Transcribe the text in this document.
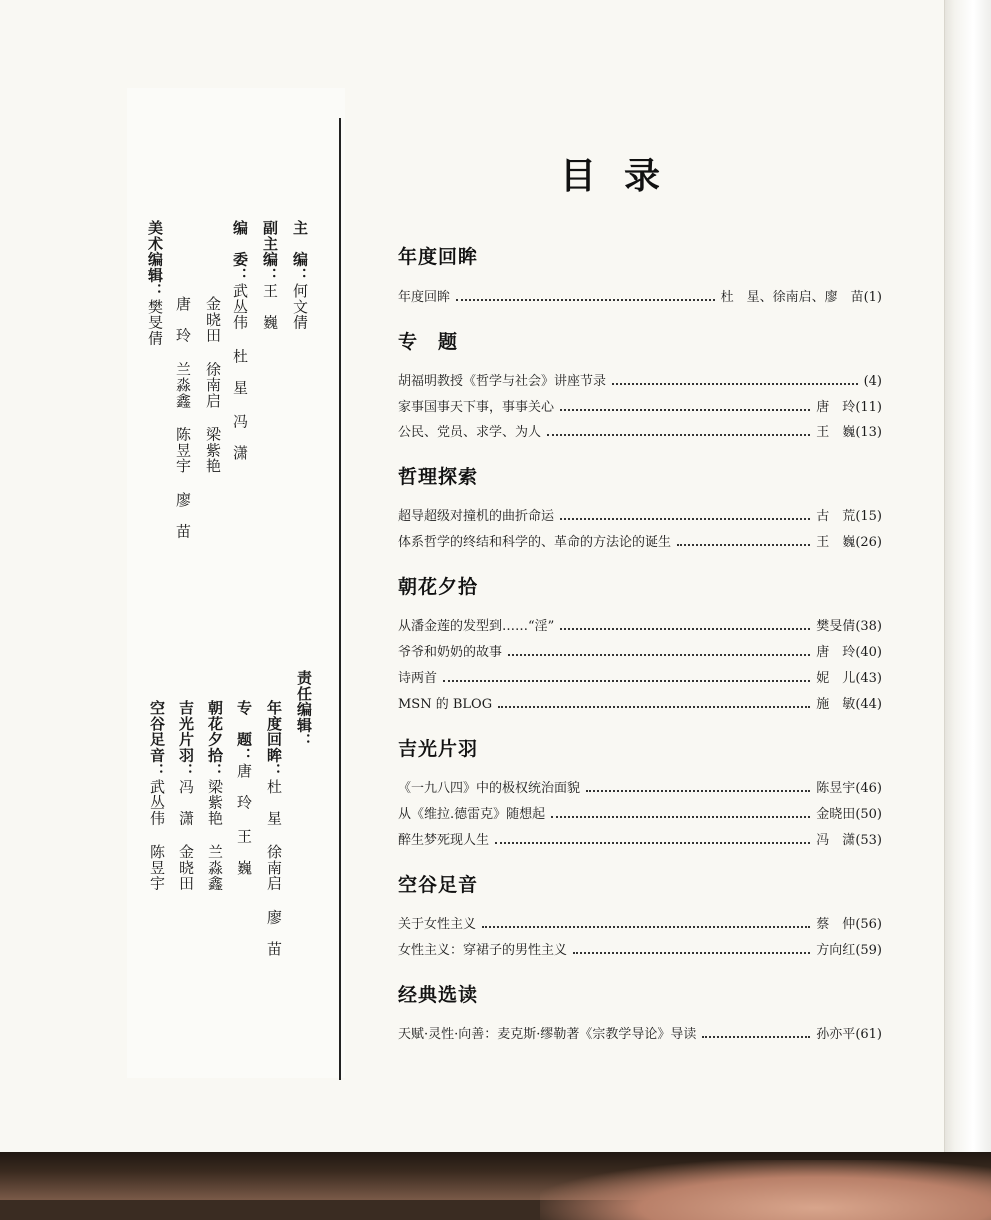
主　编：何文倩
副主编：王　巍
编　委：武丛伟杜　星冯　潇
金晓田徐南启梁紫艳
唐　玲兰淼鑫陈昱宇廖　苗
美术编辑：樊旻倩
责任编辑：
年度回眸：杜　星徐南启廖　苗
专　题：唐　玲王　巍
朝花夕拾：梁紫艳兰淼鑫
吉光片羽：冯　潇金晓田
空谷足音：武丛伟陈昱宇
目录
年度回眸
年度回眸	杜　星、徐南启、廖　苗 (1)
专　题
胡福明教授《哲学与社会》讲座节录	(4)
家事国事天下事，事事关心	唐　玲 (11)
公民、党员、求学、为人	王　巍 (13)
哲理探索
超导超级对撞机的曲折命运	古　荒 (15)
体系哲学的终结和科学的、革命的方法论的诞生	王　巍 (26)
朝花夕拾
从潘金莲的发型到……“淫”	樊旻倩 (38)
爷爷和奶奶的故事	唐　玲 (40)
诗两首	妮　儿 (43)
MSN 的 BLOG	施　敏 (44)
吉光片羽
《一九八四》中的极权统治面貌	陈昱宇 (46)
从《维拉.德雷克》随想起	金晓田 (50)
醉生梦死现人生	冯　潇 (53)
空谷足音
关于女性主义	蔡　仲 (56)
女性主义：穿裙子的男性主义	方向红 (59)
经典选读
天赋·灵性·向善：麦克斯·缪勒著《宗教学导论》导读	孙亦平 (61)
